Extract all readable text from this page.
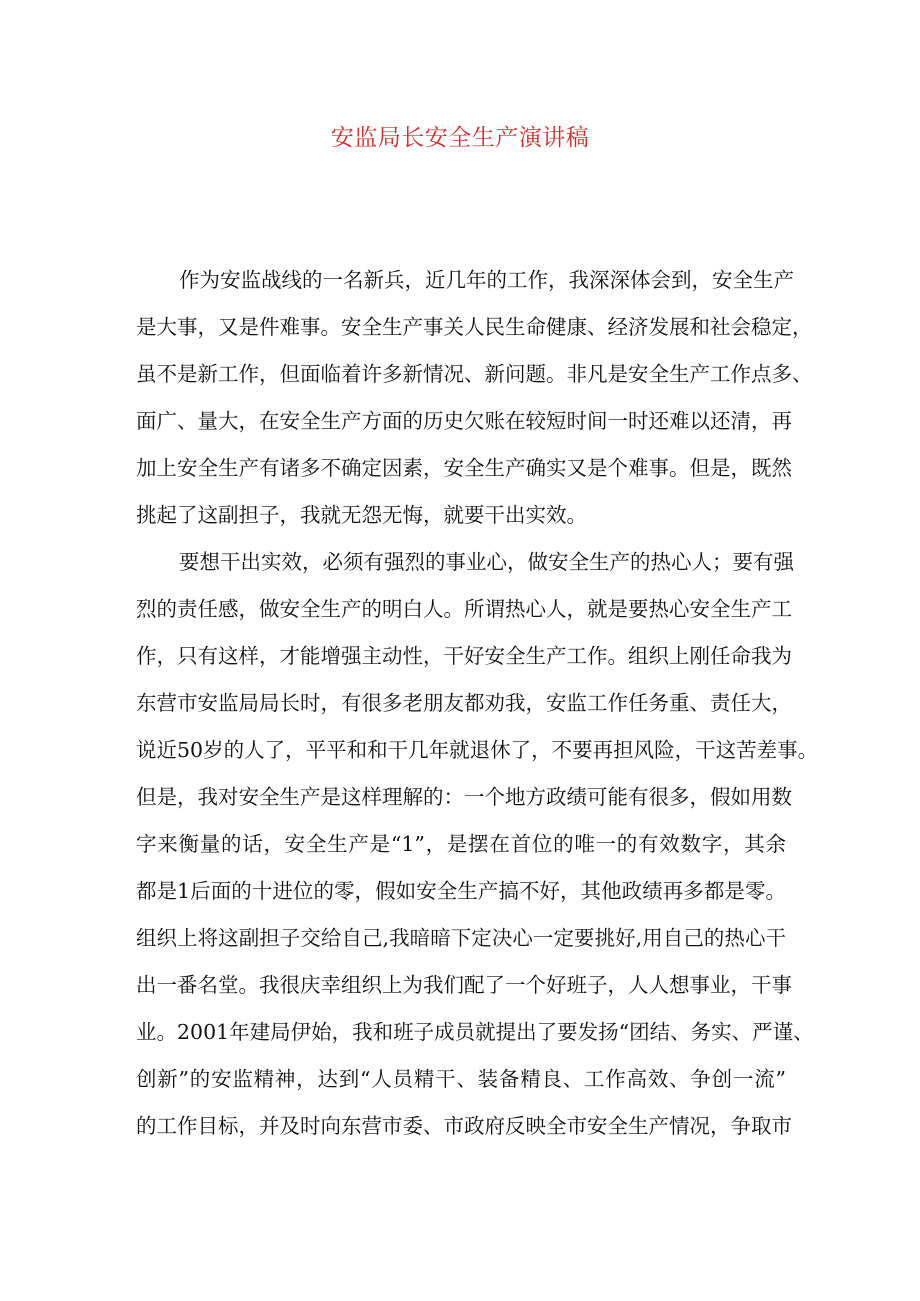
安监局长安全生产演讲稿
作为安监战线的一名新兵，近几年的工作，我深深体会到，安全生产
是大事，又是件难事。安全生产事关人民生命健康、经济发展和社会稳定，
虽不是新工作，但面临着许多新情况、新问题。非凡是安全生产工作点多、
面广、量大，在安全生产方面的历史欠账在较短时间一时还难以还清，再
加上安全生产有诸多不确定因素，安全生产确实又是个难事。但是，既然
挑起了这副担子，我就无怨无悔，就要干出实效。
要想干出实效，必须有强烈的事业心，做安全生产的热心人；要有强
烈的责任感，做安全生产的明白人。所谓热心人，就是要热心安全生产工
作，只有这样，才能增强主动性，干好安全生产工作。组织上刚任命我为
东营市安监局局长时，有很多老朋友都劝我，安监工作任务重、责任大，
说近50岁的人了，平平和和干几年就退休了，不要再担风险，干这苦差事。
但是，我对安全生产是这样理解的：一个地方政绩可能有很多，假如用数
字来衡量的话，安全生产是“1”，是摆在首位的唯一的有效数字，其余
都是1后面的十进位的零，假如安全生产搞不好，其他政绩再多都是零。
组织上将这副担子交给自己,我暗暗下定决心一定要挑好,用自己的热心干
出一番名堂。我很庆幸组织上为我们配了一个好班子，人人想事业，干事
业。2001年建局伊始，我和班子成员就提出了要发扬“团结、务实、严谨、
创新”的安监精神，达到“人员精干、装备精良、工作高效、争创一流”
的工作目标，并及时向东营市委、市政府反映全市安全生产情况，争取市
